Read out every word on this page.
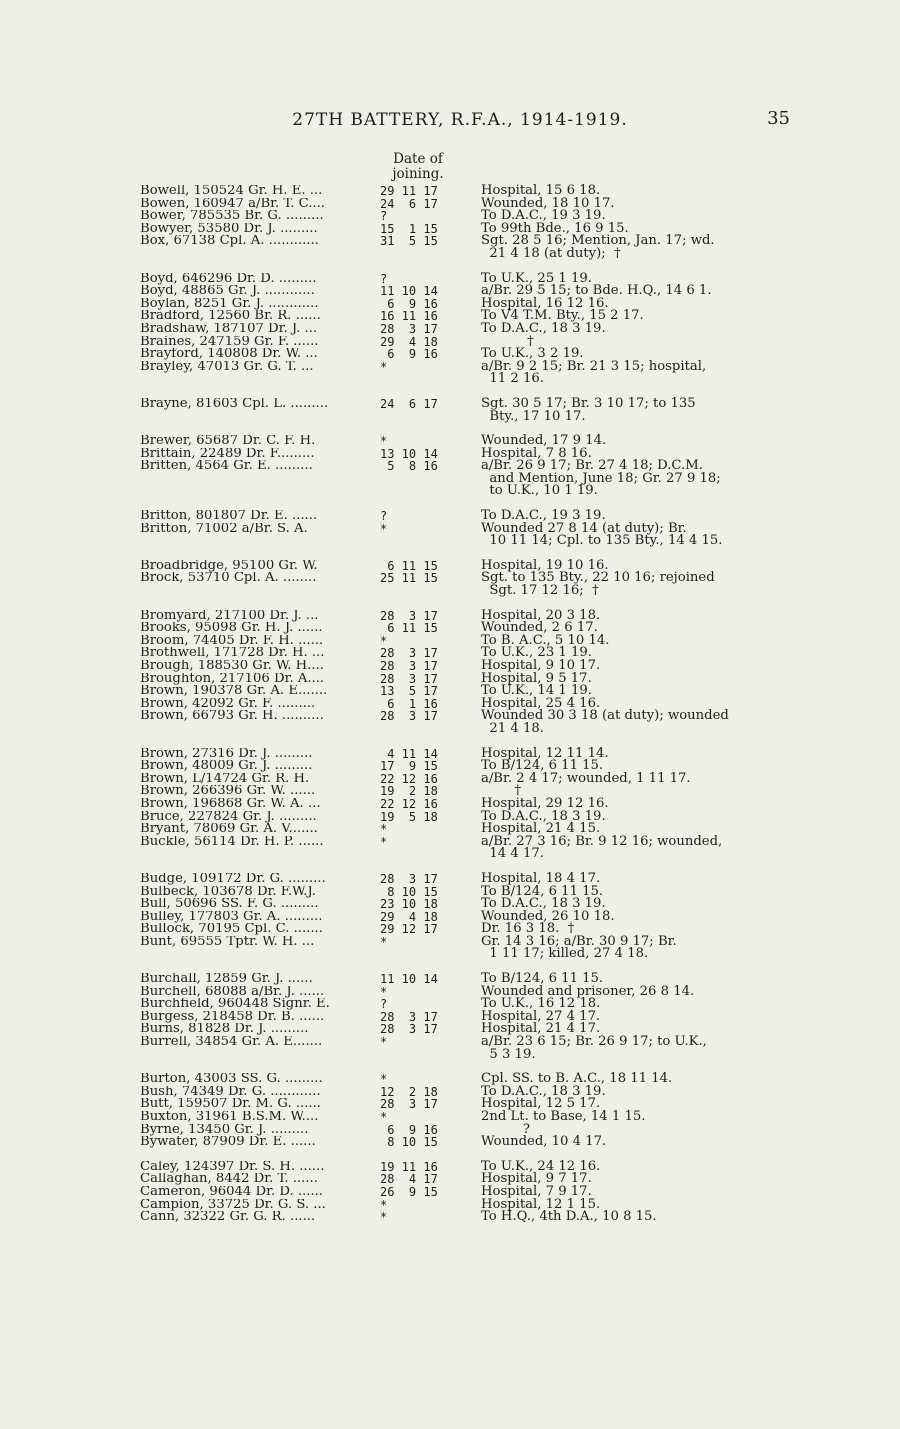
27TH BATTERY, R.F.A., 1914-1919.	35
Date of
joining.
Bowell, 150524 Gr. H. E. ...	29 11 17	Hospital, 15 6 18.
Bowen, 160947 a/Br. T. C....	24  6 17	Wounded, 18 10 17.
Bower, 785535 Br. G. .........	?	To D.A.C., 19 3 19.
Bowyer, 53580 Dr. J. .........	15  1 15	To 99th Bde., 16 9 15.
Box, 67138 Cpl. A. ............	31  5 15	Sgt. 28 5 16; Mention, Jan. 17; wd.
21 4 18 (at duty);  †
Boyd, 646296 Dr. D. .........	?	To U.K., 25 1 19.
Boyd, 48865 Gr. J. ............	11 10 14	a/Br. 29 5 15; to Bde. H.Q., 14 6 1.
Boylan, 8251 Gr. J. ............	6  9 16	Hospital, 16 12 16.
Bradford, 12560 Br. R. ......	16 11 16	To V4 T.M. Bty., 15 2 17.
Bradshaw, 187107 Dr. J. ...	28  3 17	To D.A.C., 18 3 19.
Braines, 247159 Gr. F. ......	29  4 18	†
Brayford, 140808 Dr. W. ...	6  9 16	To U.K., 3 2 19.
Brayley, 47013 Gr. G. T. ...	*	a/Br. 9 2 15; Br. 21 3 15; hospital,
11 2 16.
Brayne, 81603 Cpl. L. .........	24  6 17	Sgt. 30 5 17; Br. 3 10 17; to 135
Bty., 17 10 17.
Brewer, 65687 Dr. C. F. H.	*	Wounded, 17 9 14.
Brittain, 22489 Dr. F.........	13 10 14	Hospital, 7 8 16.
Britten, 4564 Gr. E. .........	5  8 16	a/Br. 26 9 17; Br. 27 4 18; D.C.M.
and Mention, June 18; Gr. 27 9 18;
to U.K., 10 1 19.
Britton, 801807 Dr. E. ......	?	To D.A.C., 19 3 19.
Britton, 71002 a/Br. S. A.	*	Wounded 27 8 14 (at duty); Br.
10 11 14; Cpl. to 135 Bty., 14 4 15.
Broadbridge, 95100 Gr. W.	6 11 15	Hospital, 19 10 16.
Brock, 53710 Cpl. A. ........	25 11 15	Sgt. to 135 Bty., 22 10 16; rejoined
Sgt. 17 12 16;  †
Bromyard, 217100 Dr. J. ...	28  3 17	Hospital, 20 3 18.
Brooks, 95098 Gr. H. J. ......	6 11 15	Wounded, 2 6 17.
Broom, 74405 Dr. F. H. ......	*	To B. A.C., 5 10 14.
Brothwell, 171728 Dr. H. ...	28  3 17	To U.K., 23 1 19.
Brough, 188530 Gr. W. H....	28  3 17	Hospital, 9 10 17.
Broughton, 217106 Dr. A....	28  3 17	Hospital, 9 5 17.
Brown, 190378 Gr. A. E.......	13  5 17	To U.K., 14 1 19.
Brown, 42092 Gr. F. .........	6  1 16	Hospital, 25 4 16.
Brown, 66793 Gr. H. ..........	28  3 17	Wounded 30 3 18 (at duty); wounded
21 4 18.
Brown, 27316 Dr. J. .........	4 11 14	Hospital, 12 11 14.
Brown, 48009 Gr. J. .........	17  9 15	To B/124, 6 11 15.
Brown, L/14724 Gr. R. H.	22 12 16	a/Br. 2 4 17; wounded, 1 11 17.
Brown, 266396 Gr. W. ......	19  2 18	†
Brown, 196868 Gr. W. A. ...	22 12 16	Hospital, 29 12 16.
Bruce, 227824 Gr. J. .........	19  5 18	To D.A.C., 18 3 19.
Bryant, 78069 Gr. A. V.......	*	Hospital, 21 4 15.
Buckle, 56114 Dr. H. P. ......	*	a/Br. 27 3 16; Br. 9 12 16; wounded,
14 4 17.
Budge, 109172 Dr. G. .........	28  3 17	Hospital, 18 4 17.
Bulbeck, 103678 Dr. F.W.J.	8 10 15	To B/124, 6 11 15.
Bull, 50696 SS. F. G. .........	23 10 18	To D.A.C., 18 3 19.
Bulley, 177803 Gr. A. .........	29  4 18	Wounded, 26 10 18.
Bullock, 70195 Cpl. C. .......	29 12 17	Dr. 16 3 18.  †
Bunt, 69555 Tptr. W. H. ...	*	Gr. 14 3 16; a/Br. 30 9 17; Br.
1 11 17; killed, 27 4 18.
Burchall, 12859 Gr. J. ......	11 10 14	To B/124, 6 11 15.
Burchell, 68088 a/Br. J. ......	*	Wounded and prisoner, 26 8 14.
Burchfield, 960448 Signr. E.	?	To U.K., 16 12 18.
Burgess, 218458 Dr. B. ......	28  3 17	Hospital, 27 4 17.
Burns, 81828 Dr. J. .........	28  3 17	Hospital, 21 4 17.
Burrell, 34854 Gr. A. E.......	*	a/Br. 23 6 15; Br. 26 9 17; to U.K.,
5 3 19.
Burton, 43003 SS. G. .........	*	Cpl. SS. to B. A.C., 18 11 14.
Bush, 74349 Dr. G. ............	12  2 18	To D.A.C., 18 3 19.
Butt, 159507 Dr. M. G. ......	28  3 17	Hospital, 12 5 17.
Buxton, 31961 B.S.M. W....	*	2nd Lt. to Base, 14 1 15.
Byrne, 13450 Gr. J. .........	6  9 16	?
Bywater, 87909 Dr. E. ......	8 10 15	Wounded, 10 4 17.
Caley, 124397 Dr. S. H. ......	19 11 16	To U.K., 24 12 16.
Callaghan, 8442 Dr. T. ......	28  4 17	Hospital, 9 7 17.
Cameron, 96044 Dr. D. ......	26  9 15	Hospital, 7 9 17.
Campion, 33725 Dr. G. S. ...	*	Hospital, 12 1 15.
Cann, 32322 Gr. G. R. ......	*	To H.Q., 4th D.A., 10 8 15.
